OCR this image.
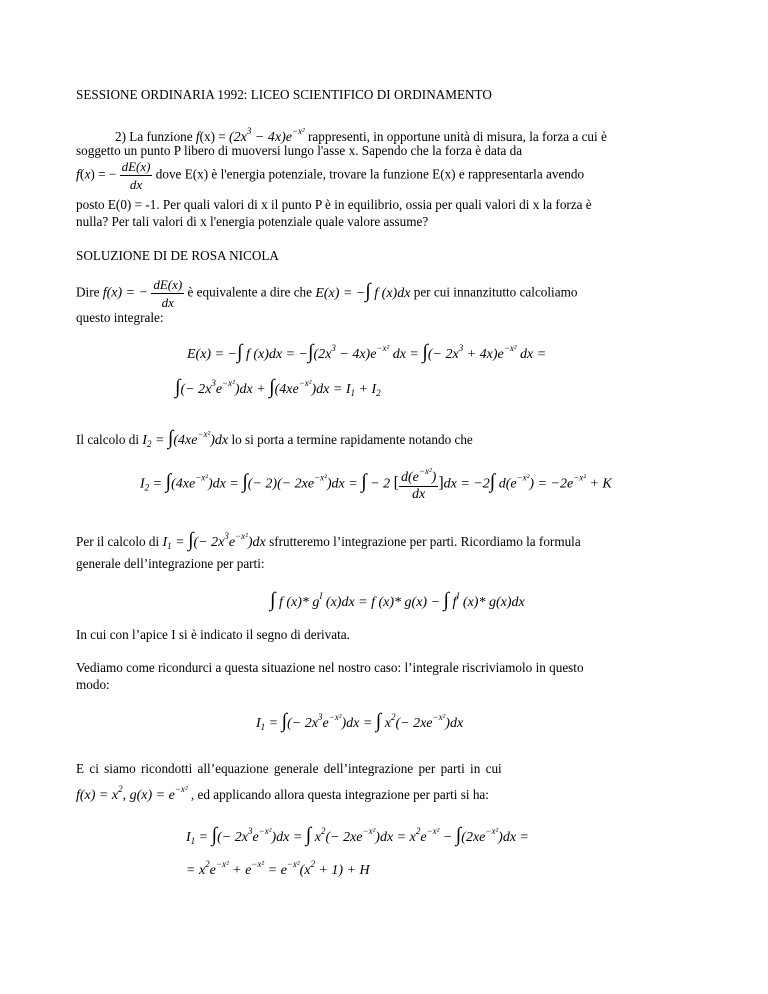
SESSIONE ORDINARIA 1992: LICEO SCIENTIFICO DI ORDINAMENTO
2) La funzione $f(x) = (2x^3 - 4x)e^{-x^2}$ rappresenti, in opportune unità di misura, la forza a cui è
soggetto un punto P libero di muoversi lungo l'asse x. Sapendo che la forza è data da
f(x) = − $\frac{dE(x)}{dx}$ dove E(x) è l'energia potenziale, trovare la funzione E(x) e rappresentarla avendo
posto E(0) = -1. Per quali valori di x il punto P è in equilibrio, ossia per quali valori di x la forza è
nulla? Per tali valori di x l'energia potenziale quale valore assume?
SOLUZIONE DI DE ROSA NICOLA
Dire f(x) = − $\frac{dE(x)}{dx}$ è equivalente a dire che E(x) = −∫ f (x)dx per cui innanzitutto calcoliamo
questo integrale:
E(x) = −∫ f $(x)dx = -\int(2x^3 - 4x)e^{-x^2}$ dx = ∫(− $2x^3 + 4x)e^{-x^2}$ dx =
∫(− $2x^3e^{-x^2})dx + \int(4xe^{-x^2})dx = I_1 + I_2$
Il calcolo di $I_2 = \int(4xe^{-x^2})dx$ lo si porta a termine rapidamente notando che
$I_2 = \int(4xe^{-x^2})dx$ = ∫(− $2)(- 2xe^{-x^2})dx$ = ∫ − 2 [ $\frac{d(e^{-x^2})}{dx} ]dx = -2\int$ $d(e^{-x^2}) = -2e^{-x^2} + K$
Per il calcolo di $I_1$ = ∫(− $2x^3e^{-x^2})dx$ sfrutteremo l’integrazione per parti. Ricordiamo la formula
generale dell’integrazione per parti:
∫ f (x)* $g^I$ (x)dx = f (x)* g(x) − ∫ $f^I$ (x)* g(x)dx
In cui con l’apice I si è indicato il segno di derivata.
Vediamo come ricondurci a questa situazione nel nostro caso: l’integrale riscriviamolo in questo
modo:
$I_1$ = ∫(− $2x^3e^{-x^2})dx$ = ∫ $x^2(- 2xe^{-x^2})dx$
E ci siamo ricondotti all’equazione generale dell’integrazione per parti in cui
$f(x) = x^2$, $g(x) = e^{-x^2}$ , ed applicando allora questa integrazione per parti si ha:
$I_1$ = ∫(− $2x^3e^{-x^2})dx$ = ∫ $x^2(- 2xe^{-x^2})dx = x^2e^{-x^2} - \int(2xe^{-x^2})dx$ =
= $x^2e^{-x^2} + e^{-x^2} = e^{-x^2}(x^2 + 1) + H$
